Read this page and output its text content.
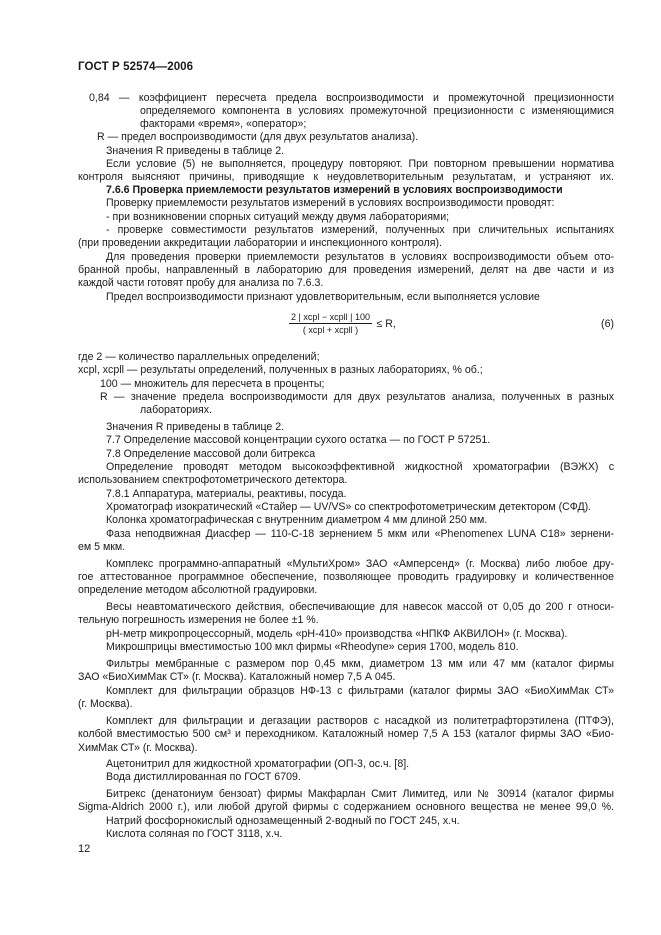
ГОСТ Р 52574—2006

0,84 — коэффициент пересчета предела воспроизводимости и промежуточной прецизионности

определяемого компонента в условиях промежуточной прецизионности с изменяющимися

факторами «время», «оператор»;

R — предел воспроизводимости (для двух результатов анализа).

Значения R приведены в таблице 2.

Если условие (5) не выполняется, процедуру повторяют. При повторном превышении норматива

контроля выясняют причины, приводящие к неудовлетворительным результатам, и устраняют их.

7.6.6 Проверка приемлемости результатов измерений в условиях воспроизводимости

Проверку приемлемости результатов измерений в условиях воспроизводимости проводят:

- при возникновении спорных ситуаций между двумя лабораториями;

- проверке совместимости результатов измерений, полученных при сличительных испытаниях

(при проведении аккредитации лаборатории и инспекционного контроля).

Для проведения проверки приемлемости результатов в условиях воспроизводимости объем ото-

бранной пробы, направленный в лабораторию для проведения измерений, делят на две части и из

каждой части готовят пробу для анализа по 7.6.3.

Предел воспроизводимости признают удовлетворительным, если выполняется условие

где 2 — количество параллельных определений;

xcpl, xcpll — результаты определений, полученных в разных лабораториях, % об.;

100 — множитель для пересчета в проценты;

R — значение предела воспроизводимости для двух результатов анализа, полученных в разных

лабораториях.

Значения R приведены в таблице 2.

7.7 Определение массовой концентрации сухого остатка — по ГОСТ Р 57251.

7.8 Определение массовой доли битрекса

Определение проводят методом высокоэффективной жидкостной хроматографии (ВЭЖХ) с

использованием спектрофотометрического детектора.

7.8.1 Аппаратура, материалы, реактивы, посуда.

Хроматограф изократический «Стайер — UV/VS» со спектрофотометрическим детектором (СФД).

Колонка хроматографическая с внутренним диаметром 4 мм длиной 250 мм.

Фаза неподвижная Диасфер — 110-С-18 зернением 5 мкм или «Phenomenex LUNA C18» зернени-

ем 5 мкм.

Комплекс программно-аппаратный «МультиХром» ЗАО «Амперсенд» (г. Москва) либо любое дру-

гое аттестованное программное обеспечение, позволяющее проводить градуировку и количественное

определение методом абсолютной градуировки.

Весы неавтоматического действия, обеспечивающие для навесок массой от 0,05 до 200 г относи-

тельную погрешность измерения не более ±1 %.

рН-метр микропроцессорный, модель «рН-410» производства «НПКФ АКВИЛОН» (г. Москва).

Микрошприцы вместимостью 100 мкл фирмы «Rheodyne» серия 1700, модель 810.

Фильтры мембранные с размером пор 0,45 мкм, диаметром 13 мм или 47 мм (каталог фирмы

ЗАО «БиоХимМак СТ» (г. Москва). Каталожный номер 7,5 А 045.

Комплект для фильтрации образцов НФ-13 с фильтрами (каталог фирмы ЗАО «БиоХимМак СТ»

(г. Москва).

Комплект для фильтрации и дегазации растворов с насадкой из политетрафторэтилена (ПТФЭ),

колбой вместимостью 500 см³ и переходником. Каталожный номер 7,5 А 153 (каталог фирмы ЗАО «Био-

ХимМак СТ» (г. Москва).

Ацетонитрил для жидкостной хроматографии (ОП-3, ос.ч. [8].

Вода дистиллированная по ГОСТ 6709.

Битрекс (денатониум бензоат) фирмы Макфарлан Смит Лимитед, или № 30914 (каталог фирмы

Sigma-Aldrich 2000 г.), или любой другой фирмы с содержанием основного вещества не менее 99,0 %.

Натрий фосфорнокислый однозамещенный 2-водный по ГОСТ 245, х.ч.

Кислота соляная по ГОСТ 3118, х.ч.

$\frac{\text{2 | xcpl − xcpll | 100}}{\text{( xcpl + xcpll )}} \le R$,	(6)
12
